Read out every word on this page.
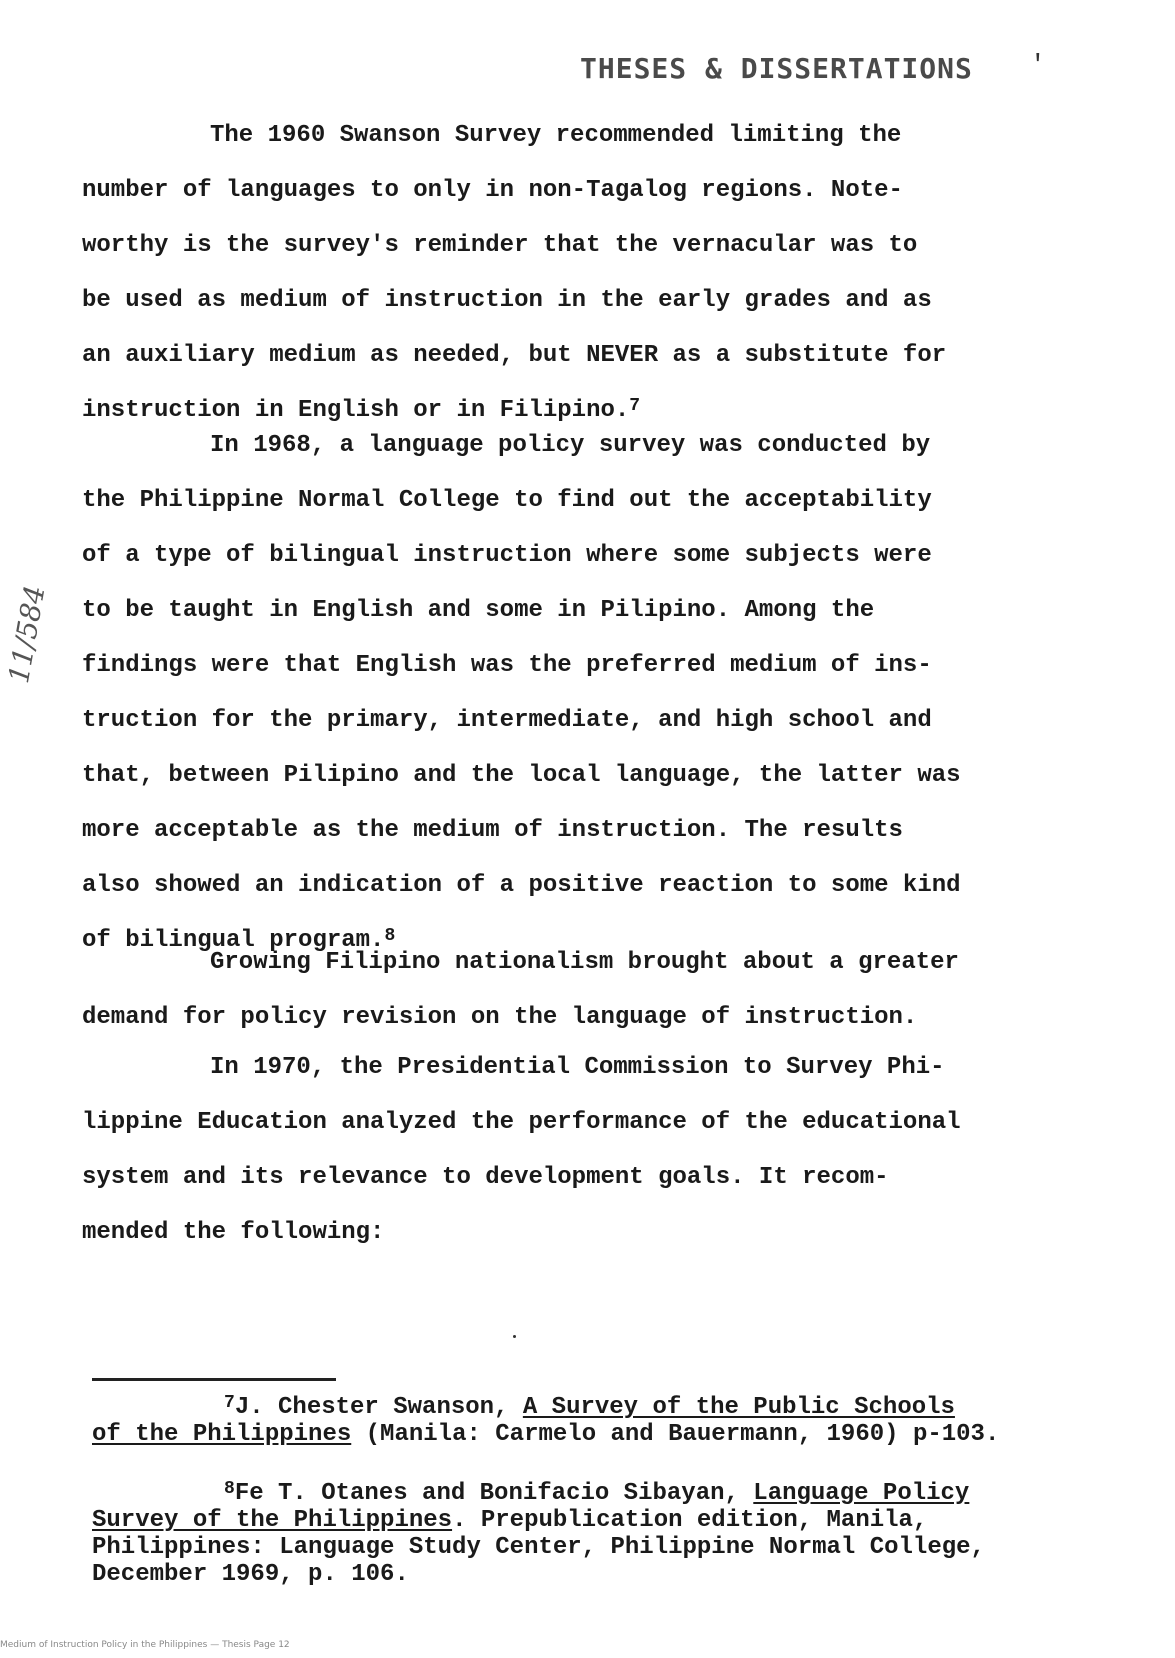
THESES & DISSERTATIONS '
11/584

The 1960 Swanson Survey recommended limiting the
number of languages to only in non-Tagalog regions. Note-
worthy is the survey's reminder that the vernacular was to
be used as medium of instruction in the early grades and as
an auxiliary medium as needed, but NEVER as a substitute for
instruction in English or in Filipino.$^7$

In 1968, a language policy survey was conducted by
the Philippine Normal College to find out the acceptability
of a type of bilingual instruction where some subjects were
to be taught in English and some in Pilipino. Among the
findings were that English was the preferred medium of ins-
truction for the primary, intermediate, and high school and
that, between Pilipino and the local language, the latter was
more acceptable as the medium of instruction. The results
also showed an indication of a positive reaction to some kind
of bilingual program.$^8$

Growing Filipino nationalism brought about a greater
demand for policy revision on the language of instruction.

In 1970, the Presidential Commission to Survey Phi-
lippine Education analyzed the performance of the educational
system and its relevance to development goals. It recom-
mended the following:

$^7$J. Chester Swanson, A Survey of the Public Schools
of the Philippines (Manila: Carmelo and Bauermann, 1960) p-103.

$^8$Fe T. Otanes and Bonifacio Sibayan, Language Policy
Survey of the Philippines. Prepublication edition, Manila,
Philippines: Language Study Center, Philippine Normal College,
December 1969, p. 106.

Medium of Instruction Policy in the Philippines — Thesis Page 12
